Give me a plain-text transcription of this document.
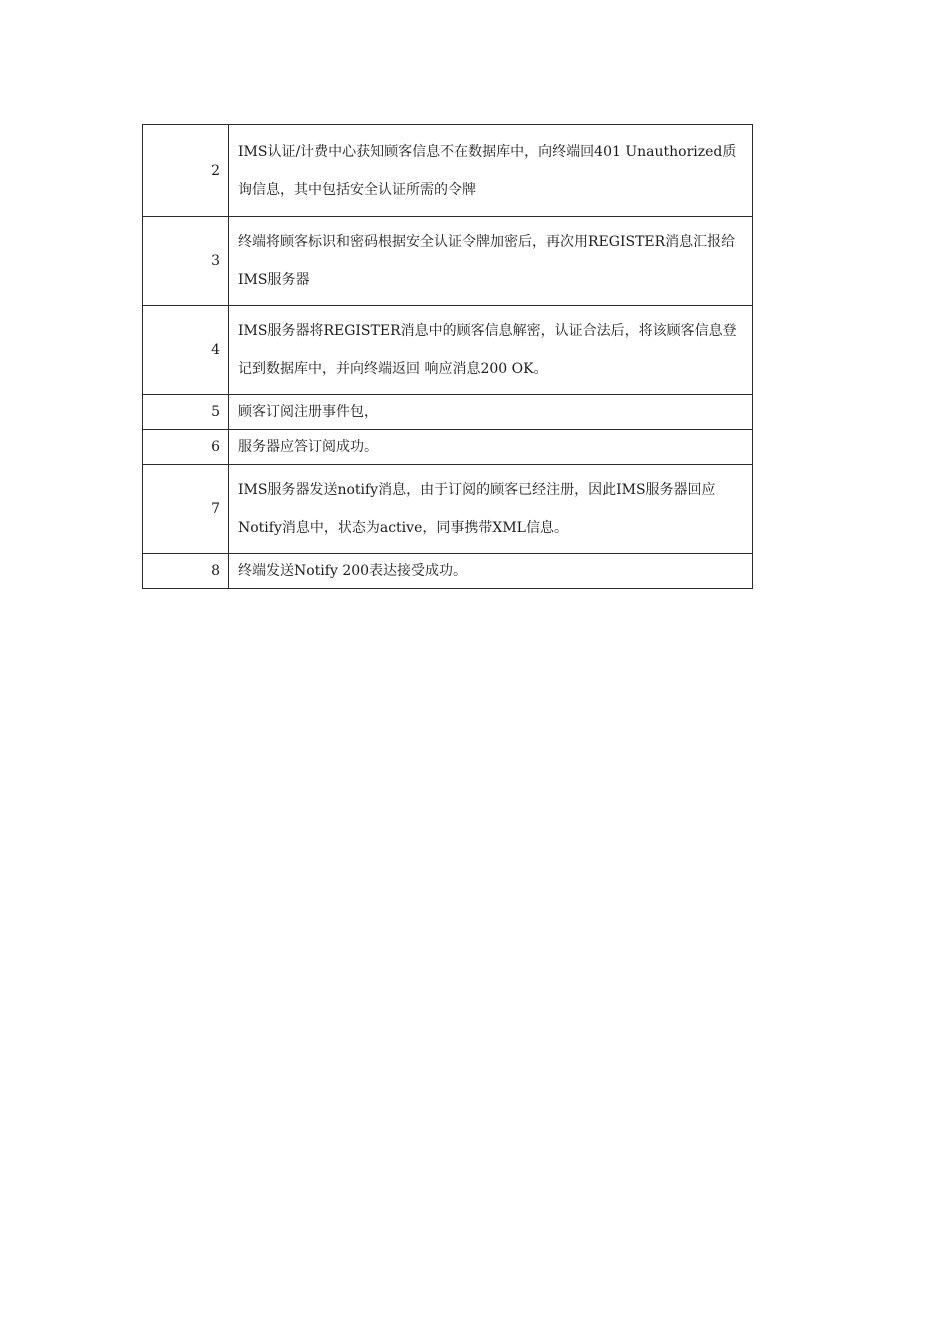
2	IMS认证/计费中心获知顾客信息不在数据库中，向终端回401 Unauthorized质询信息，其中包括安全认证所需的令牌
3	终端将顾客标识和密码根据安全认证令牌加密后，再次用REGISTER消息汇报给IMS服务器
4	IMS服务器将REGISTER消息中的顾客信息解密，认证合法后，将该顾客信息登记到数据库中，并向终端返回 响应消息200 OK。
5	顾客订阅注册事件包，
6	服务器应答订阅成功。
7	IMS服务器发送notify消息，由于订阅的顾客已经注册，因此IMS服务器回应Notify消息中，状态为active，同事携带XML信息。
8	终端发送Notify 200表达接受成功。
